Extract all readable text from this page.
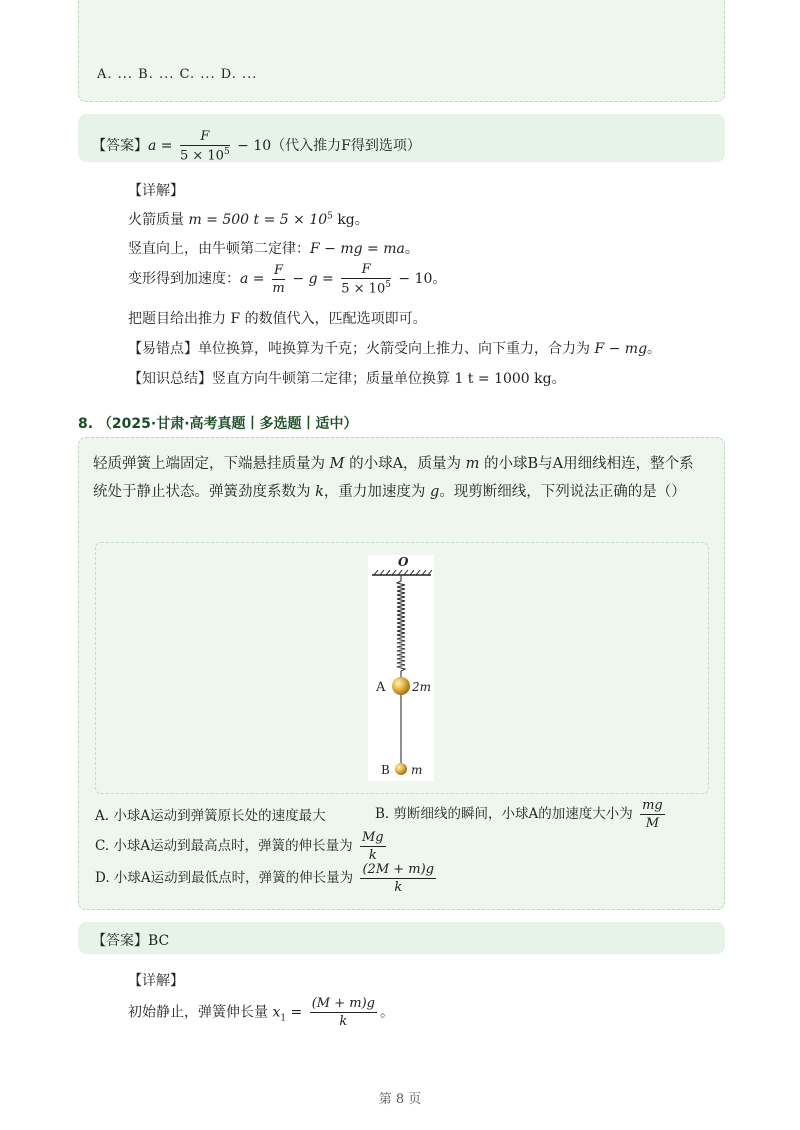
A. ... B. ... C. ... D. ...
【答案】$a = \frac{F}{5 \times 10^5} - 10$（代入推力F得到选项）
【详解】
火箭质量 m = 500 $t = 5 \times 10^5$ kg。
竖直向上，由牛顿第二定律：F − mg = ma。
变形得到加速度：$a = \frac{F}{m} - g = \frac{F}{5 \times 10^5} - 10$。
把题目给出推力 F 的数值代入，匹配选项即可。
【易错点】单位换算，吨换算为千克；火箭受向上推力、向下重力，合力为 F − mg。
【知识总结】竖直方向牛顿第二定律；质量单位换算 1 t = 1000 kg。
8. （2025·甘肃·高考真题丨多选题丨适中）
轻质弹簧上端固定，下端悬挂质量为 M 的小球A，质量为 m 的小球B与A用细线相连，整个系统处于静止状态。弹簧劲度系数为 k，重力加速度为 g。现剪断细线，下列说法正确的是（）
O
A 2m
B m
A. 小球A运动到弹簧原长处的速度最大	B. 剪断细线的瞬间，小球A的加速度大小为 $\frac{mg}{M}$
C. 小球A运动到最高点时，弹簧的伸长量为 $\frac{Mg}{k}$
D. 小球A运动到最低点时，弹簧的伸长量为 $\frac{(2M + m)g}{k}$
【答案】BC
【详解】
初始静止，弹簧伸长量 $x_1 = \frac{(M + m)g}{k}$ 。
第 8 页
